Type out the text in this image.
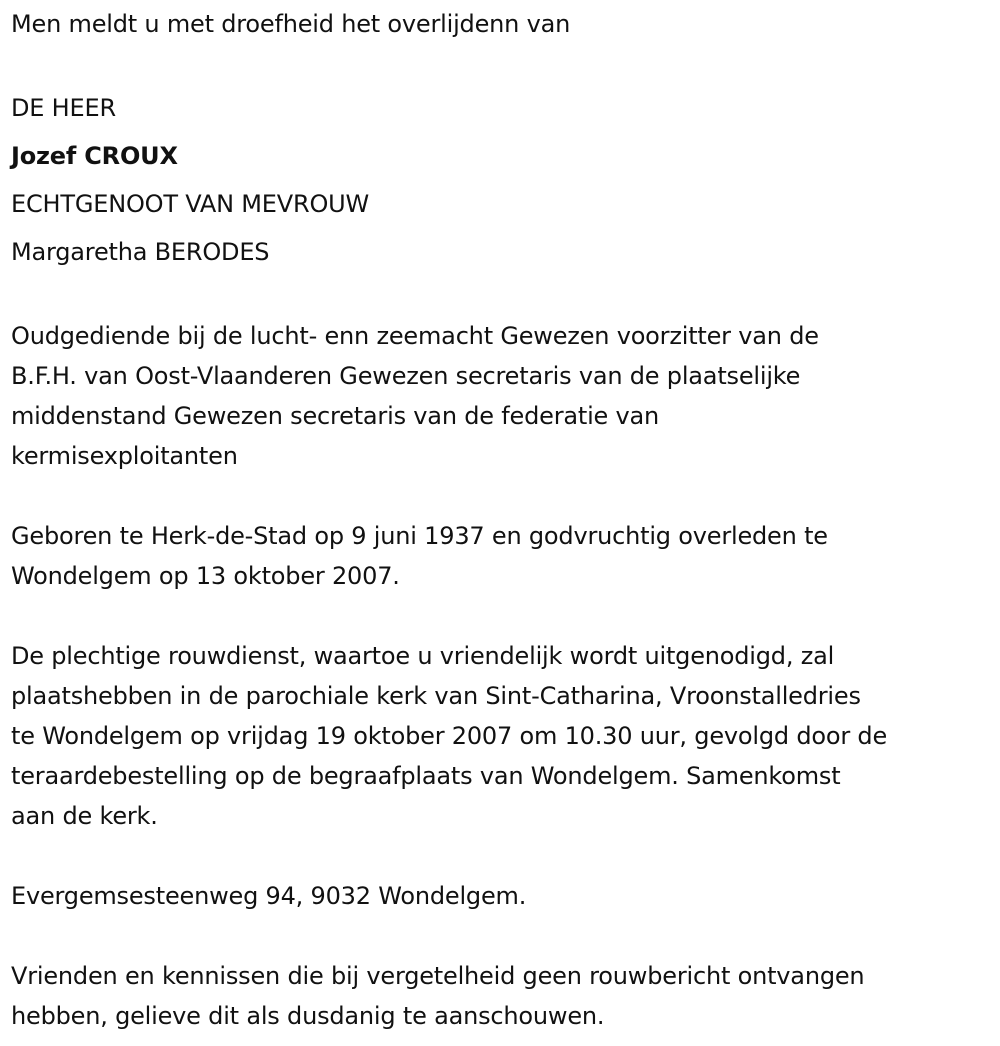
Men meldt u met droefheid het overlijdenn van

DE HEER

Jozef CROUX

ECHTGENOOT VAN MEVROUW

Margaretha BERODES

Oudgediende bij de lucht- enn zeemacht Gewezen voorzitter van de

B.F.H. van Oost-Vlaanderen Gewezen secretaris van de plaatselijke

middenstand Gewezen secretaris van de federatie van

kermisexploitanten

Geboren te Herk-de-Stad op 9 juni 1937 en godvruchtig overleden te

Wondelgem op 13 oktober 2007.

De plechtige rouwdienst, waartoe u vriendelijk wordt uitgenodigd, zal

plaatshebben in de parochiale kerk van Sint-Catharina, Vroonstalledries

te Wondelgem op vrijdag 19 oktober 2007 om 10.30 uur, gevolgd door de

teraardebestelling op de begraafplaats van Wondelgem. Samenkomst

aan de kerk.

Evergemsesteenweg 94, 9032 Wondelgem.

Vrienden en kennissen die bij vergetelheid geen rouwbericht ontvangen

hebben, gelieve dit als dusdanig te aanschouwen.
